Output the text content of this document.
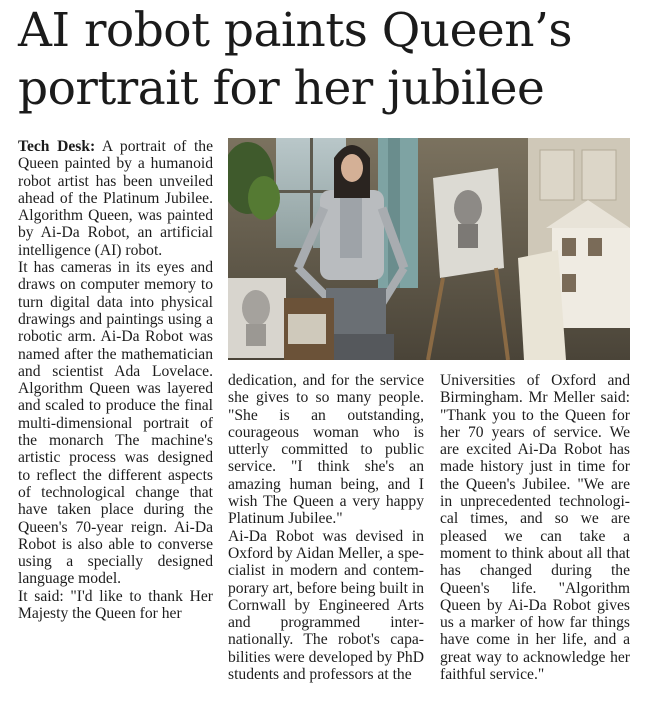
AI robot paints Queen’s portrait for her jubilee

Tech Desk: A portrait of the Queen painted by a humanoid robot artist has been unveiled ahead of the Platinum Jubilee. Algorithm Queen, was painted by Ai-Da Robot, an artificial intelligence (AI) robot.

It has cameras in its eyes and draws on computer memory to turn digital data into physical drawings and paintings using a robotic arm. Ai-Da Robot was named after the mathematician and scientist Ada Lovelace. Algorithm Queen was layered and scaled to produce the final multi-dimensional portrait of the monarch The machine's artistic process was designed to reflect the different aspects of technological change that have taken place during the Queen's 70-year reign. Ai-Da Robot is also able to converse using a specially designed language model.

It said: "I'd like to thank Her Majesty the Queen for her

dedication, and for the service she gives to so many people. "She is an outstanding, courageous woman who is utterly committed to public service. "I think she's an amazing human being, and I wish The Queen a very happy Platinum Jubilee."

Ai-Da Robot was devised in Oxford by Aidan Meller, a specialist in modern and contemporary art, before being built in Cornwall by Engineered Arts and programmed internationally. The robot's capabilities were developed by PhD students and professors at the

Universities of Oxford and Birmingham. Mr Meller said: "Thank you to the Queen for her 70 years of service. We are excited Ai-Da Robot has made history just in time for the Queen's Jubilee. "We are in unprecedented technological times, and so we are pleased we can take a moment to think about all that has changed during the Queen's life. "Algorithm Queen by Ai-Da Robot gives us a marker of how far things have come in her life, and a great way to acknowledge her faithful service."
